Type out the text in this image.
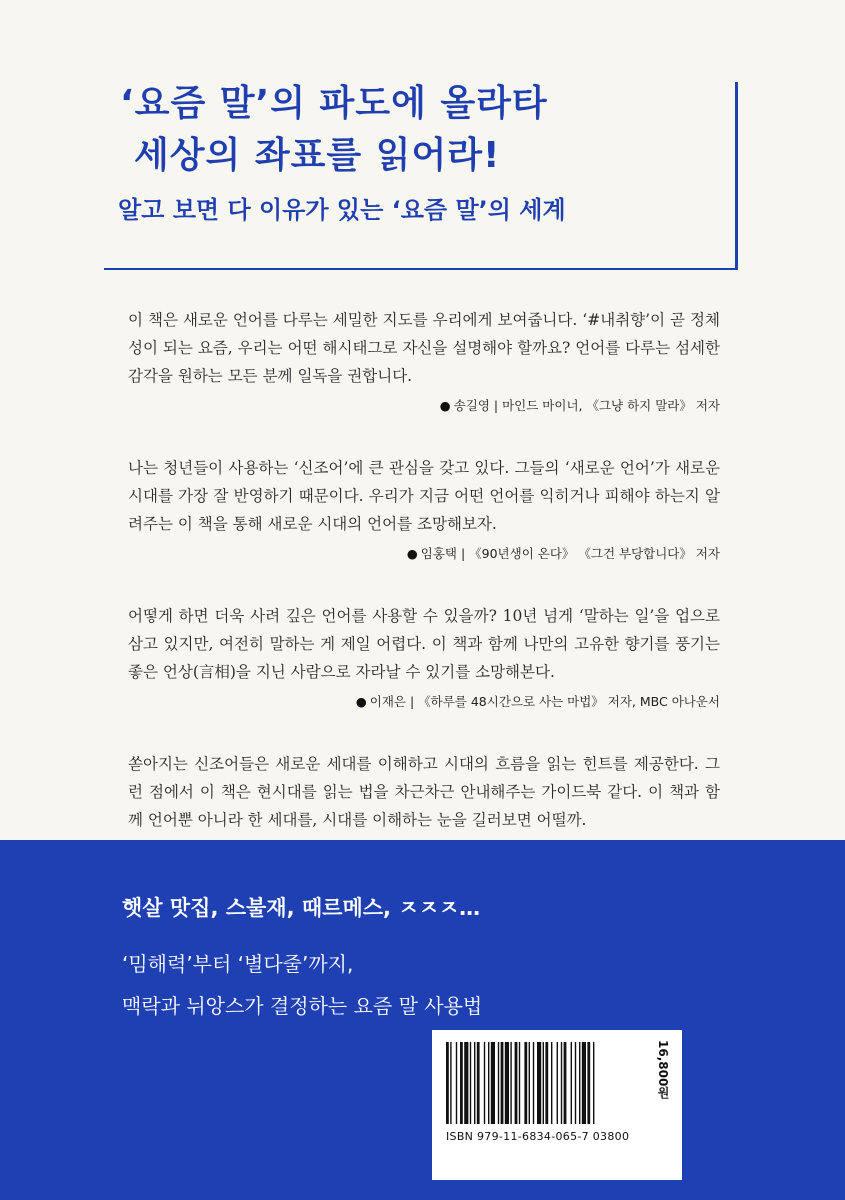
‘요즘 말’의 파도에 올라타
세상의 좌표를 읽어라!
알고 보면 다 이유가 있는 ‘요즘 말’의 세계

이 책은 새로운 언어를 다루는 세밀한 지도를 우리에게 보여줍니다. ‘#내취향’이 곧 정체성이 되는 요즘, 우리는 어떤 해시태그로 자신을 설명해야 할까요? 언어를 다루는 섬세한 감각을 원하는 모든 분께 일독을 권합니다.

● 송길영 | 마인드 마이너, 《그냥 하지 말라》 저자

나는 청년들이 사용하는 ‘신조어’에 큰 관심을 갖고 있다. 그들의 ‘새로운 언어’가 새로운 시대를 가장 잘 반영하기 때문이다. 우리가 지금 어떤 언어를 익히거나 피해야 하는지 알려주는 이 책을 통해 새로운 시대의 언어를 조망해보자.

● 임홍택 | 《90년생이 온다》 《그건 부당합니다》 저자

어떻게 하면 더욱 사려 깊은 언어를 사용할 수 있을까? 10년 넘게 ‘말하는 일’을 업으로 삼고 있지만, 여전히 말하는 게 제일 어렵다. 이 책과 함께 나만의 고유한 향기를 풍기는 좋은 언상(言相)을 지닌 사람으로 자라날 수 있기를 소망해본다.

● 이재은 | 《하루를 48시간으로 사는 마법》 저자, MBC 아나운서

쏟아지는 신조어들은 새로운 세대를 이해하고 시대의 흐름을 읽는 힌트를 제공한다. 그런 점에서 이 책은 현시대를 읽는 법을 차근차근 안내해주는 가이드북 같다. 이 책과 함께 언어뿐 아니라 한 세대를, 시대를 이해하는 눈을 길러보면 어떨까.

햇살 맛집, 스불재, 때르메스, ㅈㅈㅈ…

‘밈해력’부터 ‘별다줄’까지,
맥락과 뉘앙스가 결정하는 요즘 말 사용법

ISBN 979-11-6834-065-7 03800
16,800원
